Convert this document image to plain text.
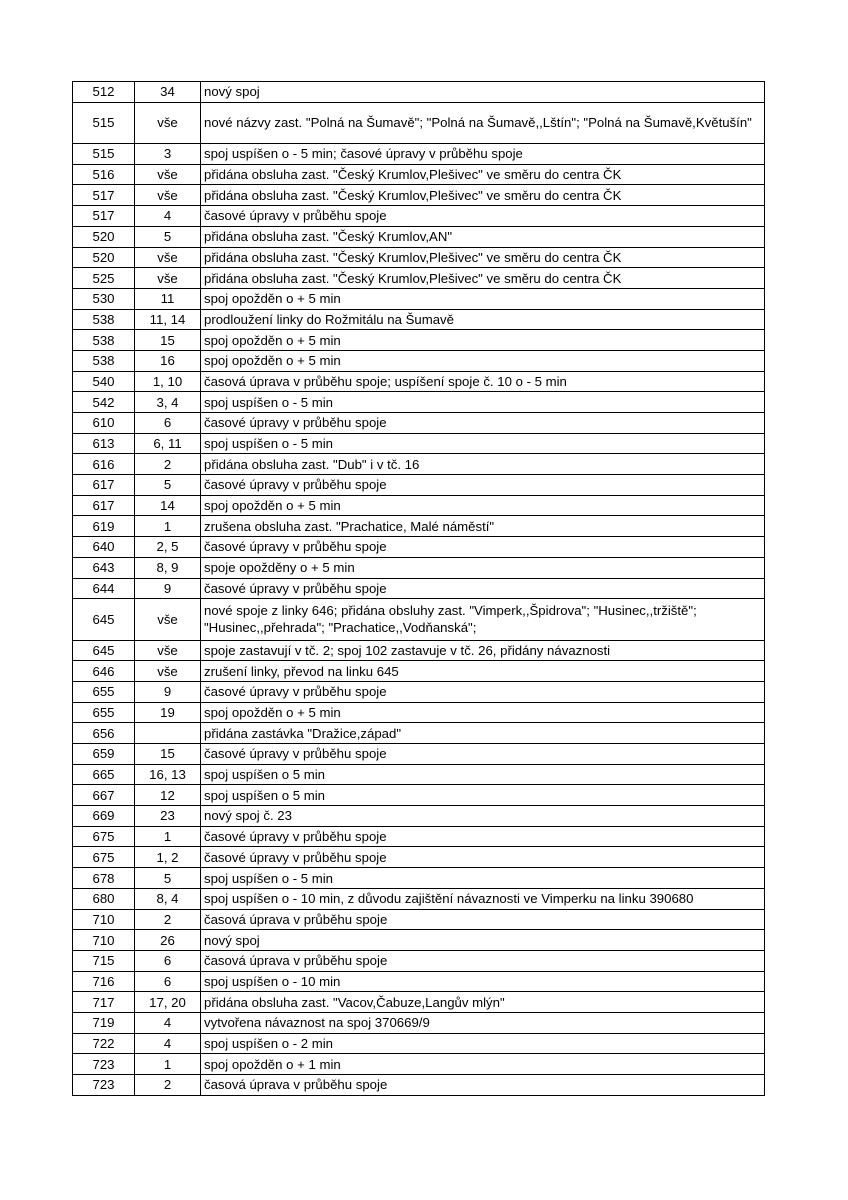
512	34	nový spoj
515	vše	nové názvy zast. "Polná na Šumavě"; "Polná na Šumavě,,Lštín"; "Polná na Šumavě,Květušín"
515	3	spoj uspíšen o - 5 min; časové úpravy v průběhu spoje
516	vše	přidána obsluha zast. "Český Krumlov,Plešivec" ve směru do centra ČK
517	vše	přidána obsluha zast. "Český Krumlov,Plešivec" ve směru do centra ČK
517	4	časové úpravy v průběhu spoje
520	5	přidána obsluha zast. "Český Krumlov,AN"
520	vše	přidána obsluha zast. "Český Krumlov,Plešivec" ve směru do centra ČK
525	vše	přidána obsluha zast. "Český Krumlov,Plešivec" ve směru do centra ČK
530	11	spoj opožděn o + 5 min
538	11, 14	prodloužení linky do Rožmitálu na Šumavě
538	15	spoj opožděn o + 5 min
538	16	spoj opožděn o + 5 min
540	1, 10	časová úprava v průběhu spoje; uspíšení spoje č. 10 o - 5 min
542	3, 4	spoj uspíšen o - 5 min
610	6	časové úpravy v průběhu spoje
613	6, 11	spoj uspíšen o - 5 min
616	2	přidána obsluha zast. "Dub" i v tč. 16
617	5	časové úpravy v průběhu spoje
617	14	spoj opožděn o + 5 min
619	1	zrušena obsluha zast. "Prachatice, Malé náměstí"
640	2, 5	časové úpravy v průběhu spoje
643	8, 9	spoje opožděny o + 5 min
644	9	časové úpravy v průběhu spoje
645	vše	nové spoje z linky 646; přidána obsluhy zast. "Vimperk,,Špidrova"; "Husinec,,tržiště"; "Husinec,,přehrada"; "Prachatice,,Vodňanská";
645	vše	spoje zastavují v tč. 2; spoj 102 zastavuje v tč. 26, přidány návaznosti
646	vše	zrušení linky, převod na linku 645
655	9	časové úpravy v průběhu spoje
655	19	spoj opožděn o + 5 min
656		přidána zastávka "Dražice,západ"
659	15	časové úpravy v průběhu spoje
665	16, 13	spoj uspíšen o 5 min
667	12	spoj uspíšen o 5 min
669	23	nový spoj č. 23
675	1	časové úpravy v průběhu spoje
675	1, 2	časové úpravy v průběhu spoje
678	5	spoj uspíšen o - 5 min
680	8, 4	spoj uspíšen o - 10 min, z důvodu zajištění návaznosti ve Vimperku na linku 390680
710	2	časová úprava v průběhu spoje
710	26	nový spoj
715	6	časová úprava v průběhu spoje
716	6	spoj uspíšen o - 10 min
717	17, 20	přidána obsluha zast. "Vacov,Čabuze,Langův mlýn"
719	4	vytvořena návaznost na spoj 370669/9
722	4	spoj uspíšen o - 2 min
723	1	spoj opožděn o + 1 min
723	2	časová úprava v průběhu spoje
